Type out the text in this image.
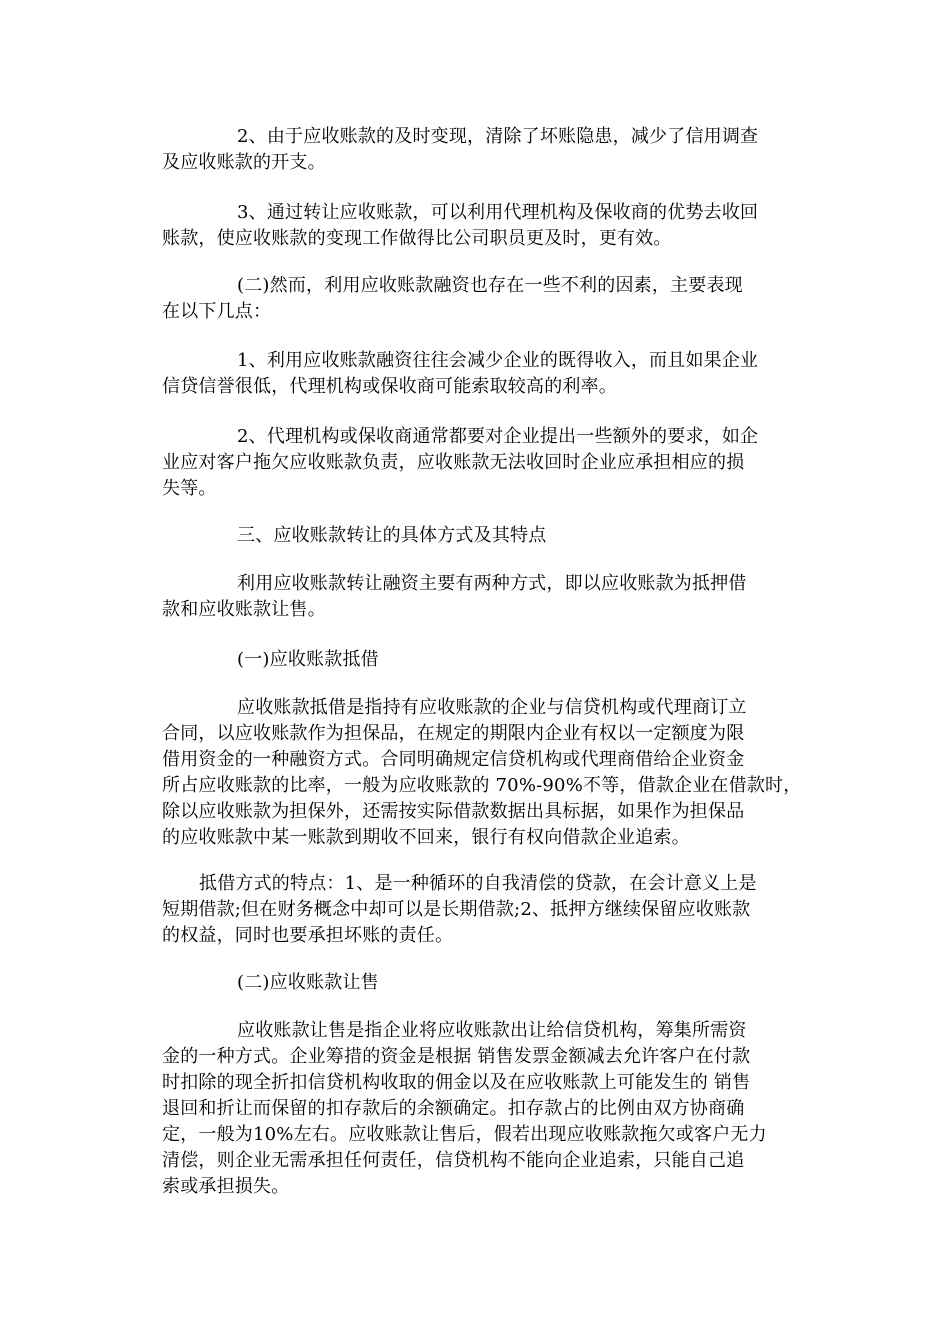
2、由于应收账款的及时变现，清除了坏账隐患，减少了信用调查
及应收账款的开支。
3、通过转让应收账款，可以利用代理机构及保收商的优势去收回
账款，使应收账款的变现工作做得比公司职员更及时，更有效。
(二)然而，利用应收账款融资也存在一些不利的因素，主要表现
在以下几点：
1、利用应收账款融资往往会减少企业的既得收入，而且如果企业
信贷信誉很低，代理机构或保收商可能索取较高的利率。
2、代理机构或保收商通常都要对企业提出一些额外的要求，如企
业应对客户拖欠应收账款负责，应收账款无法收回时企业应承担相应的损
失等。
三、应收账款转让的具体方式及其特点
利用应收账款转让融资主要有两种方式，即以应收账款为抵押借
款和应收账款让售。
(一)应收账款抵借
应收账款抵借是指持有应收账款的企业与信贷机构或代理商订立
合同，以应收账款作为担保品，在规定的期限内企业有权以一定额度为限
借用资金的一种融资方式。合同明确规定信贷机构或代理商借给企业资金
所占应收账款的比率，一般为应收账款的 70%-90%不等，借款企业在借款时，
除以应收账款为担保外，还需按实际借款数据出具标据，如果作为担保品
的应收账款中某一账款到期收不回来，银行有权向借款企业追索。
抵借方式的特点：1、是一种循环的自我清偿的贷款，在会计意义上是
短期借款;但在财务概念中却可以是长期借款;2、抵押方继续保留应收账款
的权益，同时也要承担坏账的责任。
(二)应收账款让售
应收账款让售是指企业将应收账款出让给信贷机构，筹集所需资
金的一种方式。企业筹措的资金是根据 销售发票金额减去允许客户在付款
时扣除的现全折扣信贷机构收取的佣金以及在应收账款上可能发生的 销售
退回和折让而保留的扣存款后的余额确定。扣存款占的比例由双方协商确
定，一般为10%左右。应收账款让售后，假若出现应收账款拖欠或客户无力
清偿，则企业无需承担任何责任，信贷机构不能向企业追索，只能自己追
索或承担损失。
